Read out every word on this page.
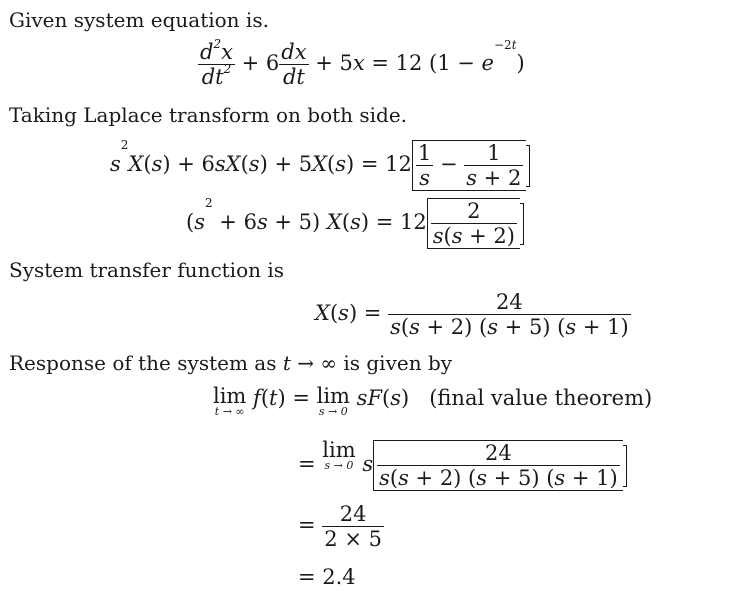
Given system equation is.
$\frac{d^2x}{dt^2} + 6 \frac{dx}{dt} + 5x = 12$ $(1 - e^{-2t})$
Taking Laplace transform on both side.
$s^2X(s) + 6sX(s) + 5X(s) = 12 \frac{1}{s} - \frac{1}{s + 2}$
$(s^2 + 6s + 5) X(s) = 12 \frac{2}{s(s + 2)}$
System transfer function is
$X(s) = \frac{24}{s(s + 2) (s + 5) (s + 1)}$
Response of the system as t → ∞ is given by
lim
t → ∞
f(t) = lim
s → 0
sF(s)   (final value theorem)
= lim
s → 0 s $\frac{24}{s(s + 2) (s + 5) (s + 1)}$
= $\frac{24}{2 \times 5}$
= 2.4
